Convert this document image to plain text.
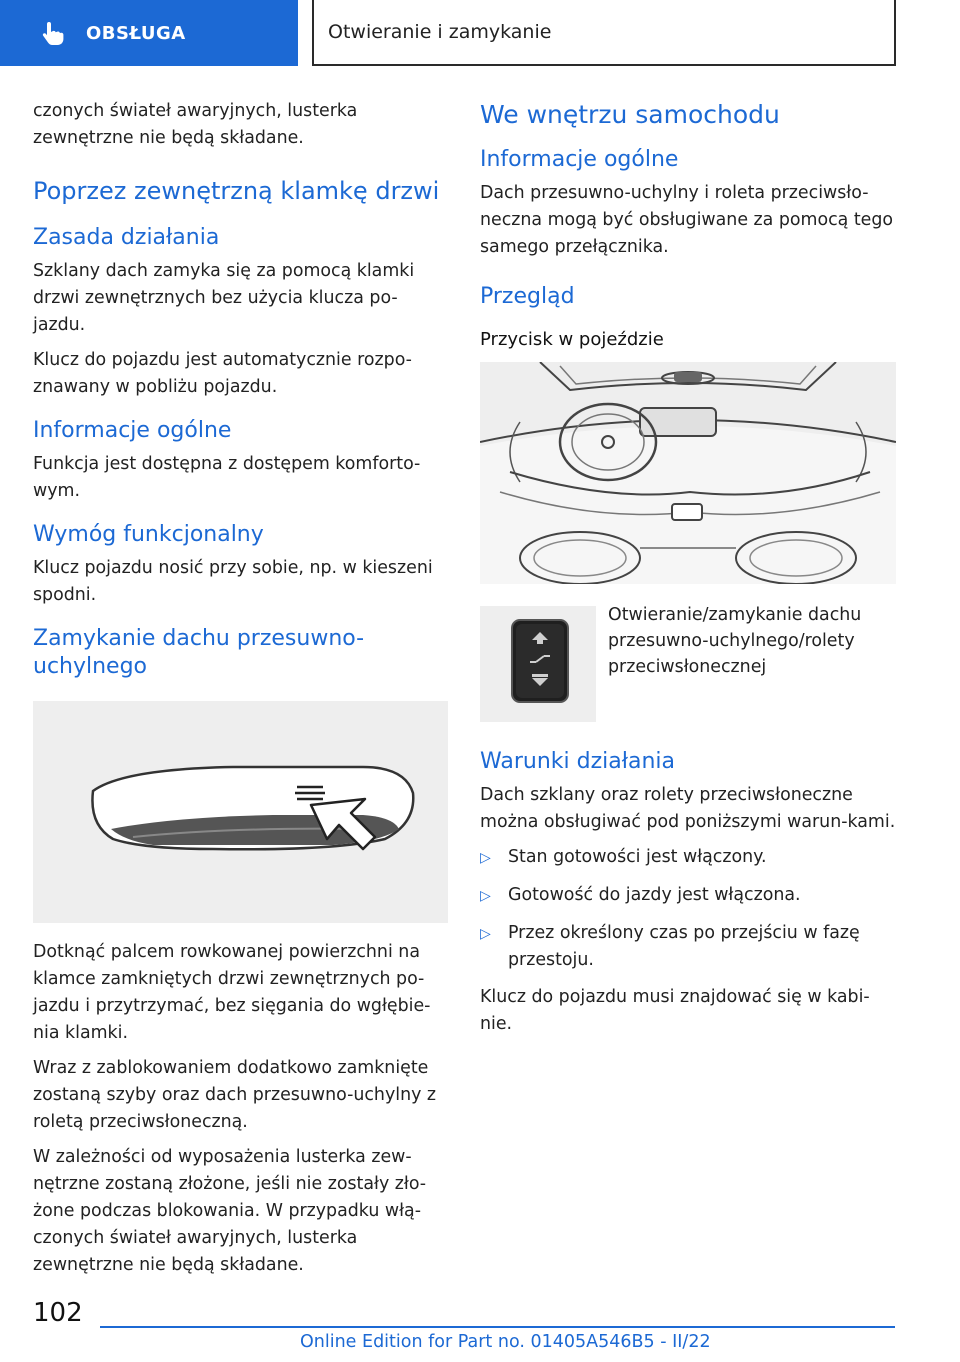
OBSŁUGA	Otwieranie i zamykanie

czonych świateł awaryjnych, lusterka zewnętrzne nie będą składane.

Poprzez zewnętrzną klamkę drzwi
Zasada działania

Szklany dach zamyka się za pomocą klamki drzwi zewnętrznych bez użycia klucza po-jazdu.

Klucz do pojazdu jest automatycznie rozpo-znawany w pobliżu pojazdu.

Informacje ogólne

Funkcja jest dostępna z dostępem komforto-wym.

Wymóg funkcjonalny

Klucz pojazdu nosić przy sobie, np. w kieszeni spodni.

Zamykanie dachu przesuwno-uchylnego

Dotknąć palcem rowkowanej powierzchni na klamce zamkniętych drzwi zewnętrznych po-jazdu i przytrzymać, bez sięgania do wgłębie-nia klamki.

Wraz z zablokowaniem dodatkowo zamknięte zostaną szyby oraz dach przesuwno-uchylny z roletą przeciwsłoneczną.

W zależności od wyposażenia lusterka zew-nętrzne zostaną złożone, jeśli nie zostały zło-żone podczas blokowania. W przypadku włą-czonych świateł awaryjnych, lusterka zewnętrzne nie będą składane.

We wnętrzu samochodu
Informacje ogólne

Dach przesuwno-uchylny i roleta przeciwsło-neczna mogą być obsługiwane za pomocą tego samego przełącznika.

Przegląd
Przycisk w pojeździe
Otwieranie/zamykanie dachu przesuwno-uchylnego/rolety przeciwsłonecznej
Warunki działania

Dach szklany oraz rolety przeciwsłoneczne można obsługiwać pod poniższymi warun-kami.

▷ Stan gotowości jest włączony.
▷ Gotowość do jazdy jest włączona.
▷ Przez określony czas po przejściu w fazę przestoju.

Klucz do pojazdu musi znajdować się w kabi-nie.

102
Online Edition for Part no. 01405A546B5 - II/22
